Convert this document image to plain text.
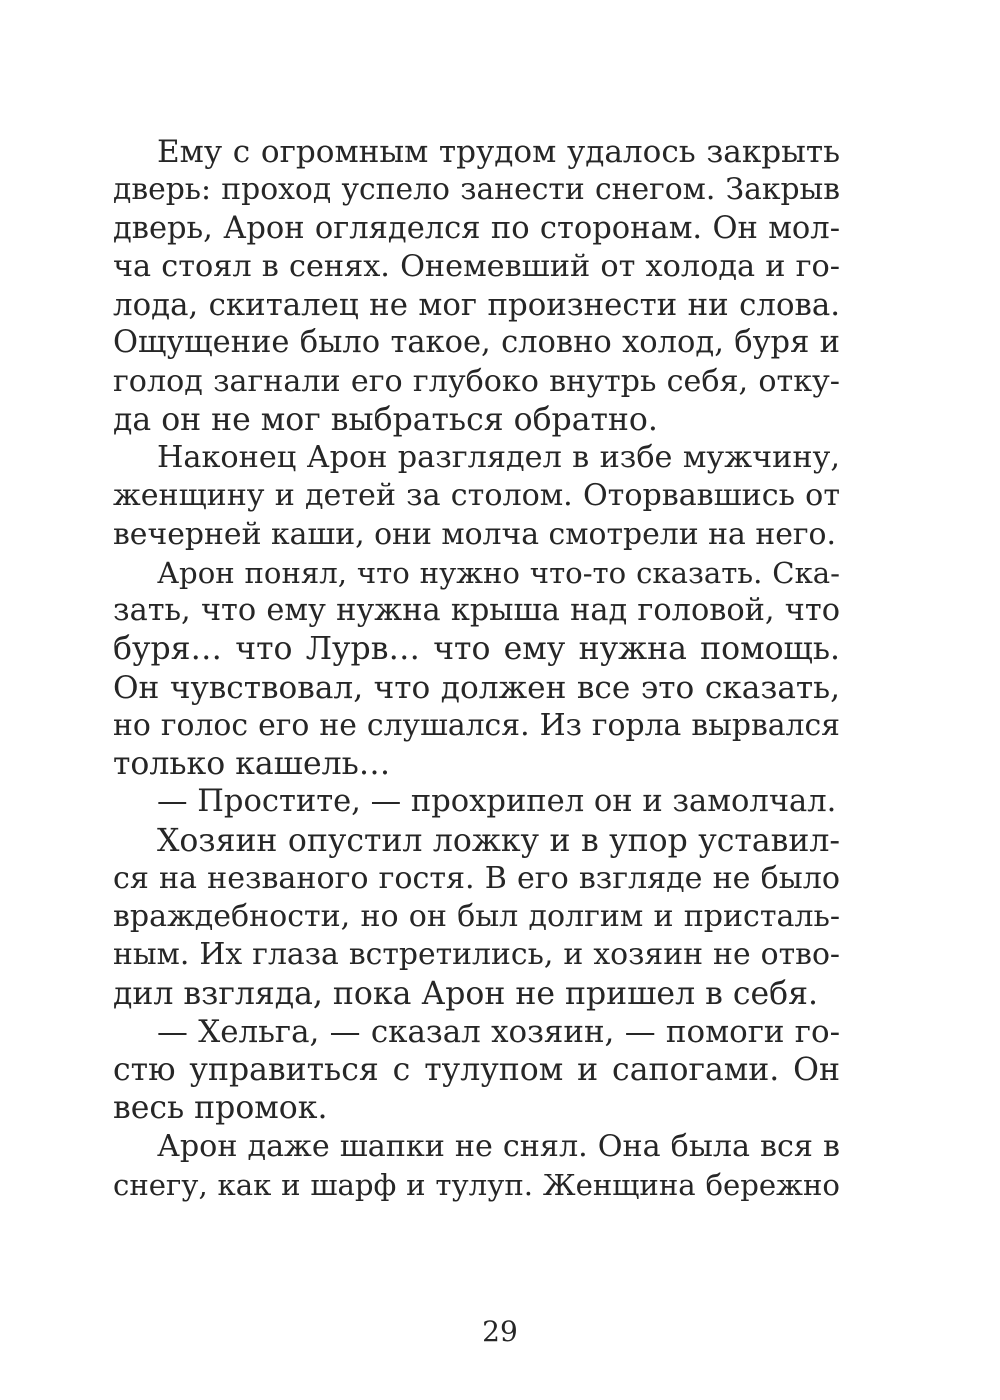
Ему с огромным трудом удалось закрыть
дверь: проход успело занести снегом. Закрыв
дверь, Арон огляделся по сторонам. Он мол-
ча стоял в сенях. Онемевший от холода и го-
лода, скиталец не мог произнести ни слова.
Ощущение было такое, словно холод, буря и
голод загнали его глубоко внутрь себя, отку-
да он не мог выбраться обратно.
Наконец Арон разглядел в избе мужчину,
женщину и детей за столом. Оторвавшись от
вечерней каши, они молча смотрели на него.
Арон понял, что нужно что-то сказать. Ска-
зать, что ему нужна крыша над головой, что
буря… что Лурв… что ему нужна помощь.
Он чувствовал, что должен все это сказать,
но голос его не слушался. Из горла вырвался
только кашель…
— Простите, — прохрипел он и замолчал.
Хозяин опустил ложку и в упор уставил-
ся на незваного гостя. В его взгляде не было
враждебности, но он был долгим и присталь-
ным. Их глаза встретились, и хозяин не отво-
дил взгляда, пока Арон не пришел в себя.
— Хельга, — сказал хозяин, — помоги го-
стю управиться с тулупом и сапогами. Он
весь промок.
Арон даже шапки не снял. Она была вся в
снегу, как и шарф и тулуп. Женщина бережно
29
